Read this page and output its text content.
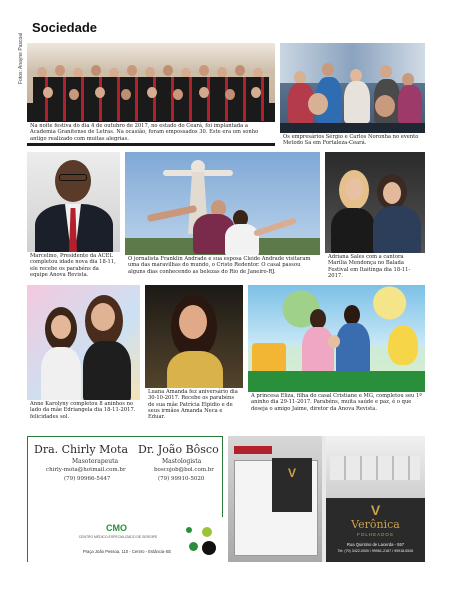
Sociedade
Fotos: Anayne Pascoal
Na noite festiva do dia 4 de outubro de 2017, no estado do Ceará, foi implantada a Academia Granitense de Letras. Na ocasião, foram empossados 30. Este era um sonho antigo realizado com muitas alegrias.	Os empresários Sérgio e Carlos Noronha no evento Metodo Sa em Fortaleza-Ceará.
Marcelino, Presidente da ACEL completou idade nova dia 18-11, ele recebe os parabéns da equipe Anova Revista.
O jornalista Franklin Andrade e sua esposa Cleide Andrade visitaram uma das maravilhas do mundo, o Cristo Redentor. O casal passou alguns dias conhecendo as belezas do Rio de Janeiro-RJ.
Adriana Sales com a cantora Marília Mendonça no Balada Festival em Itaitinga dia 18-11-2017.
Anne Karolyny completou 8 aninhos no lado da mãe Edriangela dia 18-11-2017. felicidades sol.
Luana Amanda fez aniversário dia 30-10-2017. Recebe os parabéns de sua mãe Patrícia Elpidio e de seus irmãos Amanda Neca e Eduar.
A princesa Eliza, filha do casal Cristiane e MG, completou seu 1º aninho dia 29-11-2017. Parabéns, muita saúde e paz, é o que deseja o amigo Jaime, diretor da Anova Revista.
Dra. Chirly Mota
Masoterapeuta
chirly-mota@hotmail.com.br
(79) 99966-5447
Dr. João Bôsco
Mastologista
boscojob@bol.com.br
(79) 99910-5020
CMO
CENTRO MÉDICO ESPECIALIZADO DE SERGIPE
Praça João Pessoa, 110 - Centro - Estância-SE
V
V
Verônica
FOLHEADOS
Rua Quintino de Lacerda - 557
Tel: (79) 3422-0000 / 99961-2167 / 99918-5526
